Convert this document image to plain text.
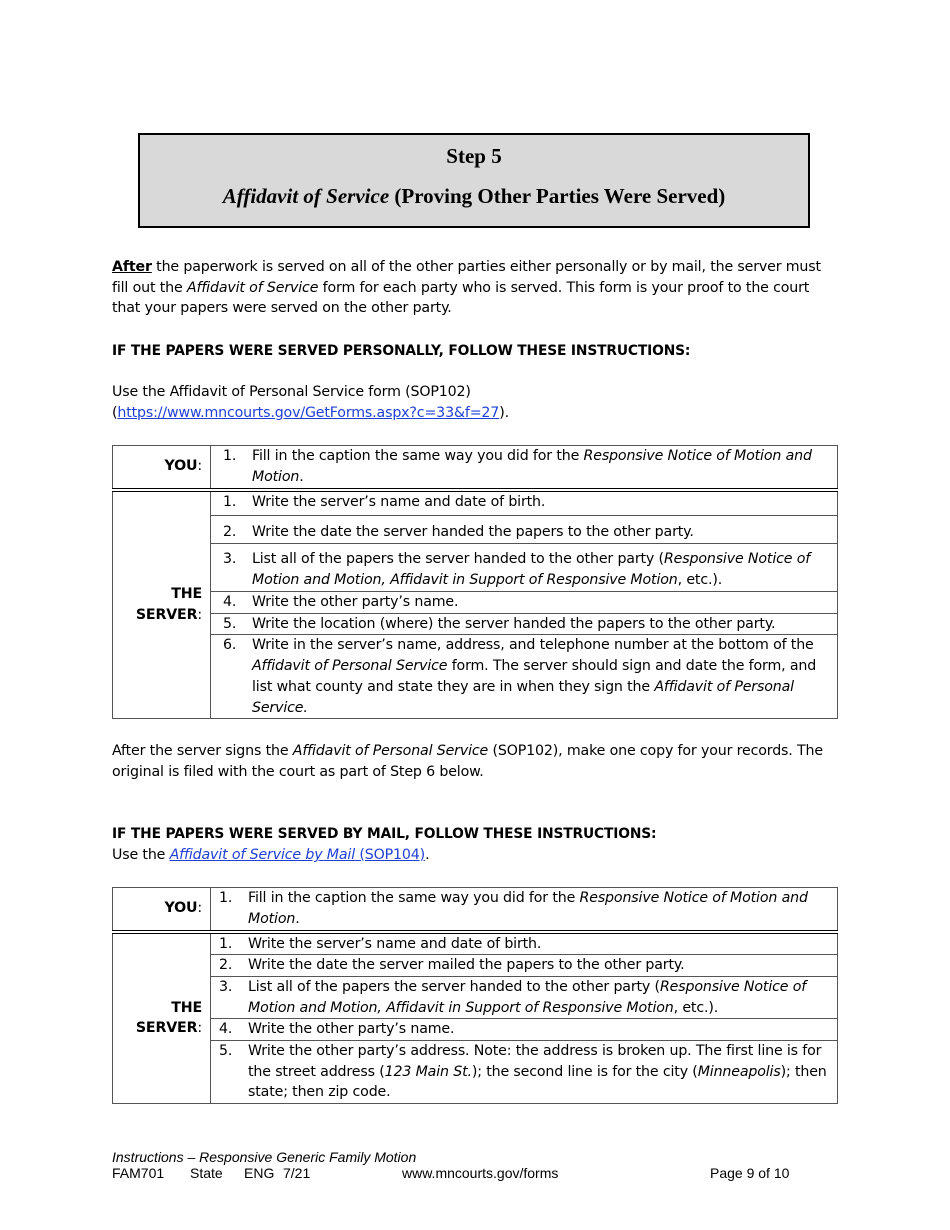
Step 5
Affidavit of Service (Proving Other Parties Were Served)
After the paperwork is served on all of the other parties either personally or by mail, the server must fill out the Affidavit of Service form for each party who is served. This form is your proof to the court that your papers were served on the other party.
IF THE PAPERS WERE SERVED PERSONALLY, FOLLOW THESE INSTRUCTIONS:
Use the Affidavit of Personal Service form (SOP102)
(https://www.mncourts.gov/GetForms.aspx?c=33&f=27).
YOU:	1. Fill in the caption the same way you did for the Responsive Notice of Motion and Motion.

THE
SERVER:	1. Write the server’s name and date of birth.

	2. Write the date the server handed the papers to the other party.

	3. List all of the papers the server handed to the other party (Responsive Notice of Motion and Motion, Affidavit in Support of Responsive Motion, etc.).

	4. Write the other party’s name.

	5. Write the location (where) the server handed the papers to the other party.

	6. Write in the server’s name, address, and telephone number at the bottom of the Affidavit of Personal Service form. The server should sign and date the form, and list what county and state they are in when they sign the Affidavit of Personal Service.
After the server signs the Affidavit of Personal Service (SOP102), make one copy for your records. The original is filed with the court as part of Step 6 below.
IF THE PAPERS WERE SERVED BY MAIL, FOLLOW THESE INSTRUCTIONS:
Use the Affidavit of Service by Mail (SOP104).
YOU:	1. Fill in the caption the same way you did for the Responsive Notice of Motion and Motion.

THE
SERVER:	1. Write the server’s name and date of birth.

	2. Write the date the server mailed the papers to the other party.

	3. List all of the papers the server handed to the other party (Responsive Notice of Motion and Motion, Affidavit in Support of Responsive Motion, etc.).

	4. Write the other party’s name.

	5. Write the other party’s address. Note: the address is broken up. The first line is for the street address (123 Main St.); the second line is for the city (Minneapolis); then state; then zip code.
Instructions – Responsive Generic Family Motion
FAM701 State ENG 7/21	www.mncourts.gov/forms	Page 9 of 10
